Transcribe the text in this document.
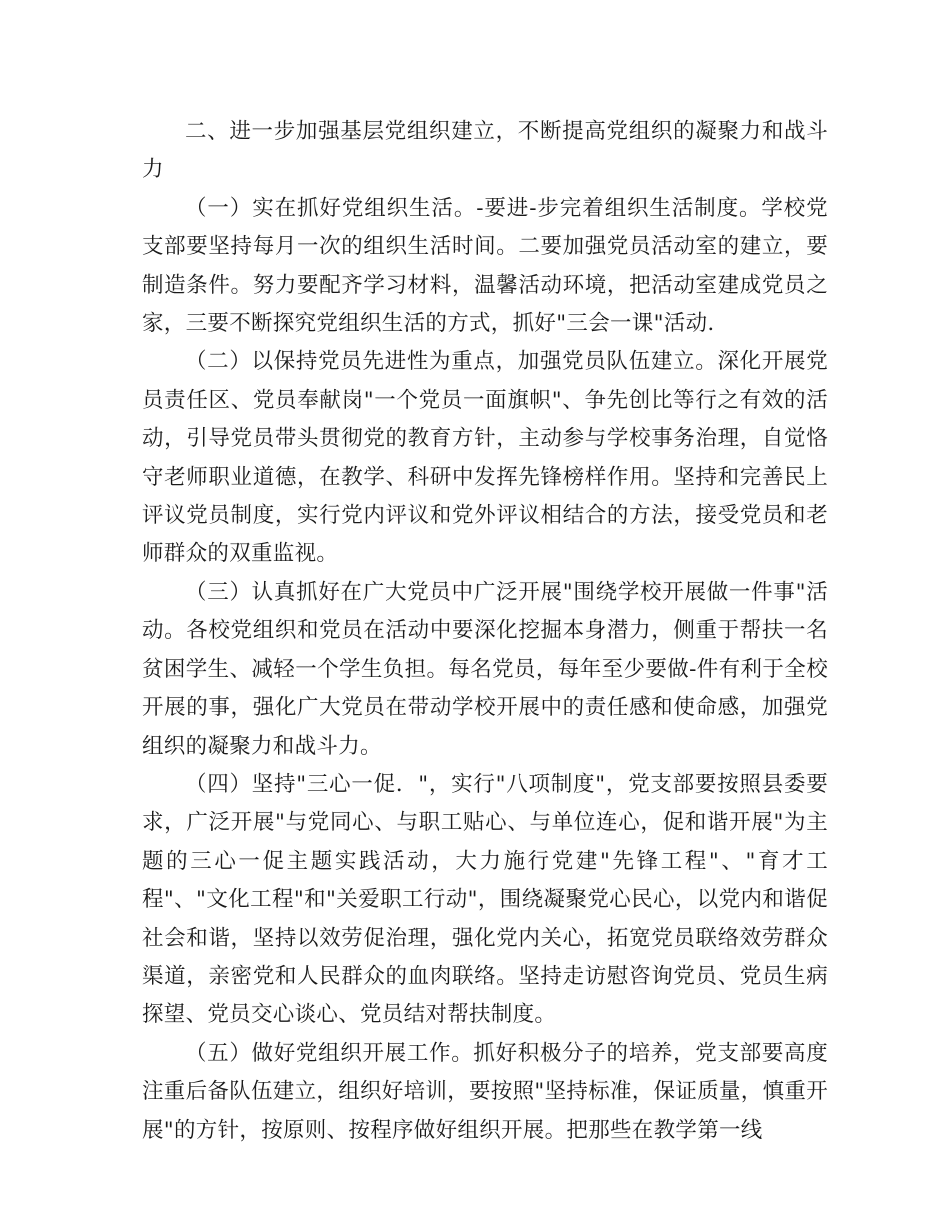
二、进一步加强基层党组织建立，不断提高党组织的凝聚力和战斗力

（一）实在抓好党组织生活。-要进-步完着组织生活制度。学校党支部要坚持每月一次的组织生活时间。二要加强党员活动室的建立，要制造条件。努力要配齐学习材料，温馨活动环境，把活动室建成党员之家，三要不断探究党组织生活的方式，抓好"三会一课"活动.

（二）以保持党员先进性为重点，加强党员队伍建立。深化开展党员责任区、党员奉献岗"一个党员一面旗帜"、争先创比等行之有效的活动，引导党员带头贯彻党的教育方针，主动参与学校事务治理，自觉恪守老师职业道德，在教学、科研中发挥先锋榜样作用。坚持和完善民上评议党员制度，实行党内评议和党外评议相结合的方法，接受党员和老师群众的双重监视。

（三）认真抓好在广大党员中广泛开展"围绕学校开展做一件事"活动。各校党组织和党员在活动中要深化挖掘本身潜力，侧重于帮扶一名贫困学生、减轻一个学生负担。每名党员，每年至少要做-件有利于全校开展的事，强化广大党员在带动学校开展中的责任感和使命感，加强党组织的凝聚力和战斗力。

（四）坚持"三心一促．"，实行"八项制度"，党支部要按照县委要求，广泛开展"与党同心、与职工贴心、与单位连心，促和谐开展"为主题的三心一促主题实践活动，大力施行党建"先锋工程"、"育才工程"、"文化工程"和"关爱职工行动"，围绕凝聚党心民心，以党内和谐促社会和谐，坚持以效劳促治理，强化党内关心，拓宽党员联络效劳群众渠道，亲密党和人民群众的血肉联络。坚持走访慰咨询党员、党员生病探望、党员交心谈心、党员结对帮扶制度。

（五）做好党组织开展工作。抓好积极分子的培养，党支部要高度注重后备队伍建立，组织好培训，要按照"坚持标准，保证质量，慎重开展"的方针，按原则、按程序做好组织开展。把那些在教学第一线
